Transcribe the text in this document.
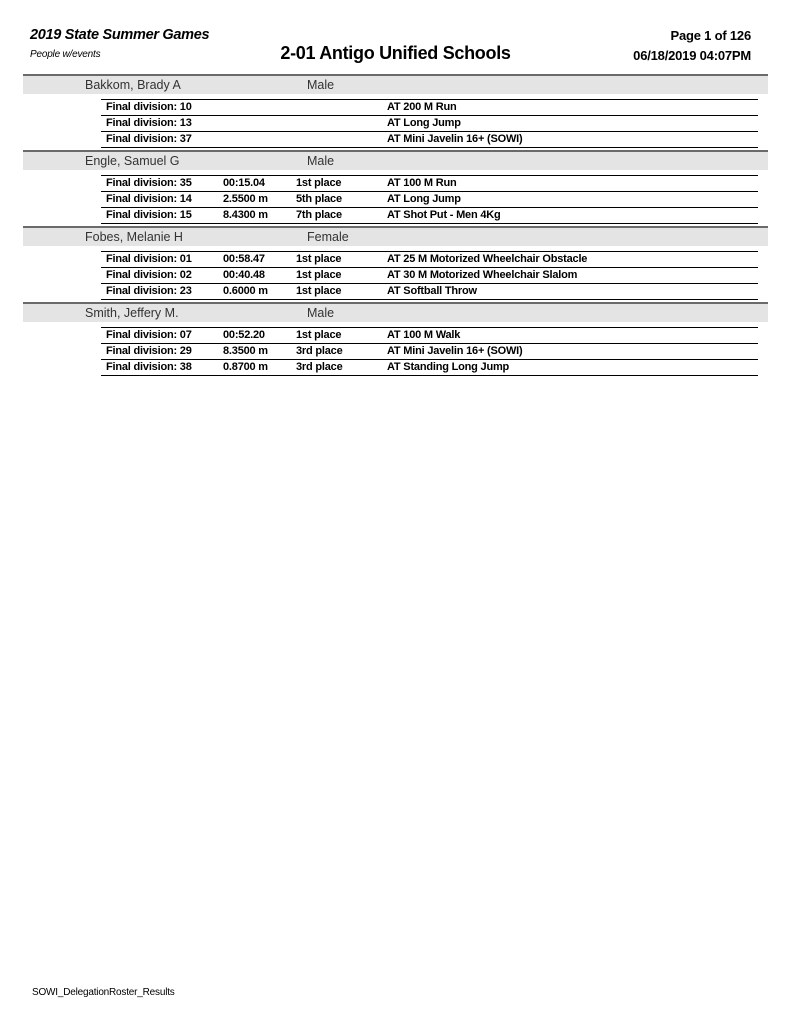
2019 State Summer Games
People w/events	2-01 Antigo Unified Schools
Page 1 of 126
06/18/2019 04:07PM
Bakkom, Brady A	Male
Final division: 10	AT 200 M Run
Final division: 13	AT Long Jump
Final division: 37	AT Mini Javelin 16+ (SOWI)
Engle, Samuel G	Male
Final division: 35	00:15.04	1st place	AT 100 M Run
Final division: 14	2.5500 m	5th place	AT Long Jump
Final division: 15	8.4300 m	7th place	AT Shot Put - Men 4Kg
Fobes, Melanie H	Female
Final division: 01	00:58.47	1st place	AT 25 M Motorized Wheelchair Obstacle
Final division: 02	00:40.48	1st place	AT 30 M Motorized Wheelchair Slalom
Final division: 23	0.6000 m	1st place	AT Softball Throw
Smith, Jeffery M.	Male
Final division: 07	00:52.20	1st place	AT 100 M Walk
Final division: 29	8.3500 m	3rd place	AT Mini Javelin 16+ (SOWI)
Final division: 38	0.8700 m	3rd place	AT Standing Long Jump
SOWI_DelegationRoster_Results
